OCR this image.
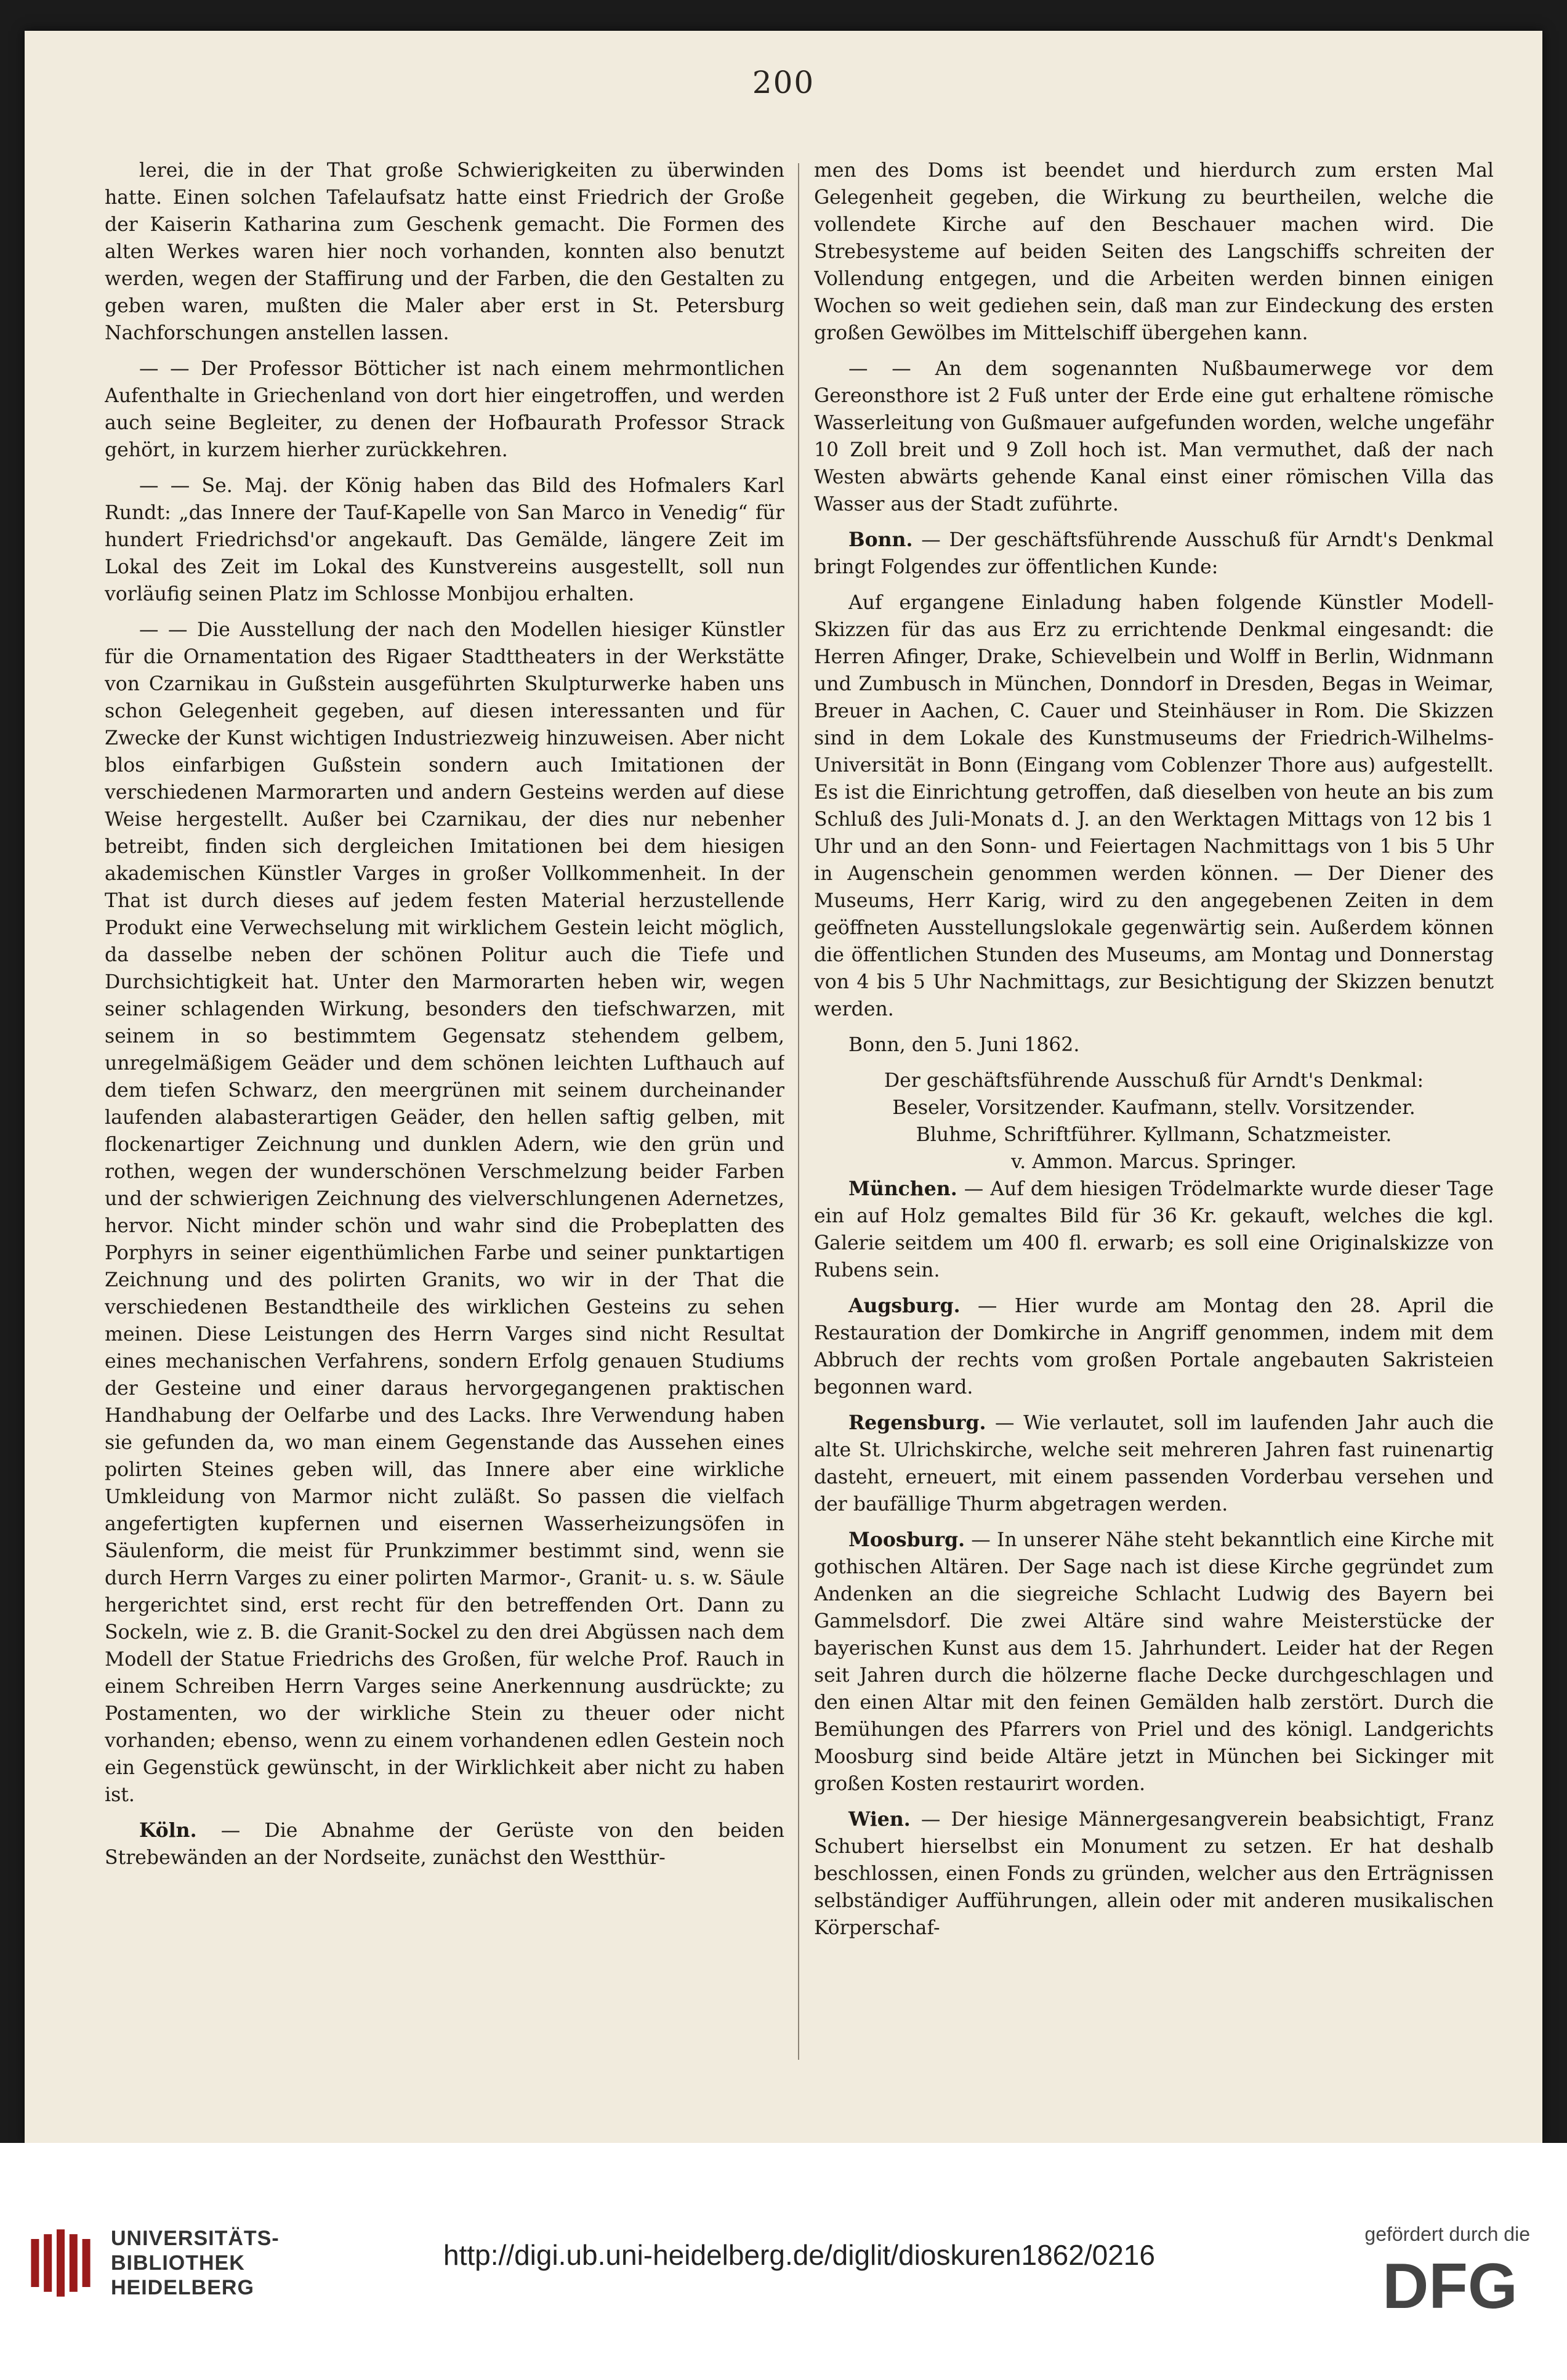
200

lerei, die in der That große Schwierigkeiten zu überwinden hatte. Einen solchen Tafelaufsatz hatte einst Friedrich der Große der Kaiserin Katharina zum Geschenk gemacht. Die Formen des alten Werkes waren hier noch vorhanden, konnten also benutzt werden, wegen der Staffirung und der Farben, die den Gestalten zu geben waren, mußten die Maler aber erst in St. Petersburg Nachforschungen anstellen lassen.

— — Der Professor Bötticher ist nach einem mehrmontlichen Aufenthalte in Griechenland von dort hier eingetroffen, und werden auch seine Begleiter, zu denen der Hofbaurath Professor Strack gehört, in kurzem hierher zurückkehren.

— — Se. Maj. der König haben das Bild des Hofmalers Karl Rundt: „das Innere der Tauf-Kapelle von San Marco in Venedig“ für hundert Friedrichsd'or angekauft. Das Gemälde, längere Zeit im Lokal des Zeit im Lokal des Kunstvereins ausgestellt, soll nun vorläufig seinen Platz im Schlosse Monbijou erhalten.

— — Die Ausstellung der nach den Modellen hiesiger Künstler für die Ornamentation des Rigaer Stadttheaters in der Werkstätte von Czarnikau in Gußstein ausgeführten Skulpturwerke haben uns schon Gelegenheit gegeben, auf diesen interessanten und für Zwecke der Kunst wichtigen Industriezweig hinzuweisen. Aber nicht blos einfarbigen Gußstein sondern auch Imitationen der verschiedenen Marmorarten und andern Gesteins werden auf diese Weise hergestellt. Außer bei Czarnikau, der dies nur nebenher betreibt, finden sich dergleichen Imitationen bei dem hiesigen akademischen Künstler Varges in großer Vollkommenheit. In der That ist durch dieses auf jedem festen Material herzustellende Produkt eine Verwechselung mit wirklichem Gestein leicht möglich, da dasselbe neben der schönen Politur auch die Tiefe und Durchsichtigkeit hat. Unter den Marmorarten heben wir, wegen seiner schlagenden Wirkung, besonders den tiefschwarzen, mit seinem in so bestimmtem Gegensatz stehendem gelbem, unregelmäßigem Geäder und dem schönen leichten Lufthauch auf dem tiefen Schwarz, den meergrünen mit seinem durcheinander laufenden alabasterartigen Geäder, den hellen saftig gelben, mit flockenartiger Zeichnung und dunklen Adern, wie den grün und rothen, wegen der wunderschönen Verschmelzung beider Farben und der schwierigen Zeichnung des vielverschlungenen Adernetzes, hervor. Nicht minder schön und wahr sind die Probeplatten des Porphyrs in seiner eigenthümlichen Farbe und seiner punktartigen Zeichnung und des polirten Granits, wo wir in der That die verschiedenen Bestandtheile des wirklichen Gesteins zu sehen meinen. Diese Leistungen des Herrn Varges sind nicht Resultat eines mechanischen Verfahrens, sondern Erfolg genauen Studiums der Gesteine und einer daraus hervorgegangenen praktischen Handhabung der Oelfarbe und des Lacks. Ihre Verwendung haben sie gefunden da, wo man einem Gegenstande das Aussehen eines polirten Steines geben will, das Innere aber eine wirkliche Umkleidung von Marmor nicht zuläßt. So passen die vielfach angefertigten kupfernen und eisernen Wasserheizungsöfen in Säulenform, die meist für Prunkzimmer bestimmt sind, wenn sie durch Herrn Varges zu einer polirten Marmor-, Granit- u. s. w. Säule hergerichtet sind, erst recht für den betreffenden Ort. Dann zu Sockeln, wie z. B. die Granit-Sockel zu den drei Abgüssen nach dem Modell der Statue Friedrichs des Großen, für welche Prof. Rauch in einem Schreiben Herrn Varges seine Anerkennung ausdrückte; zu Postamenten, wo der wirkliche Stein zu theuer oder nicht vorhanden; ebenso, wenn zu einem vorhandenen edlen Gestein noch ein Gegenstück gewünscht, in der Wirklichkeit aber nicht zu haben ist.

Köln. — Die Abnahme der Gerüste von den beiden Strebewänden an der Nordseite, zunächst den Westthür-

men des Doms ist beendet und hierdurch zum ersten Mal Gelegenheit gegeben, die Wirkung zu beurtheilen, welche die vollendete Kirche auf den Beschauer machen wird. Die Strebesysteme auf beiden Seiten des Langschiffs schreiten der Vollendung entgegen, und die Arbeiten werden binnen einigen Wochen so weit gediehen sein, daß man zur Eindeckung des ersten großen Gewölbes im Mittelschiff übergehen kann.

— — An dem sogenannten Nußbaumerwege vor dem Gereonsthore ist 2 Fuß unter der Erde eine gut erhaltene römische Wasserleitung von Gußmauer aufgefunden worden, welche ungefähr 10 Zoll breit und 9 Zoll hoch ist. Man vermuthet, daß der nach Westen abwärts gehende Kanal einst einer römischen Villa das Wasser aus der Stadt zuführte.

Bonn. — Der geschäftsführende Ausschuß für Arndt's Denkmal bringt Folgendes zur öffentlichen Kunde:

Auf ergangene Einladung haben folgende Künstler Modell-Skizzen für das aus Erz zu errichtende Denkmal eingesandt: die Herren Afinger, Drake, Schievelbein und Wolff in Berlin, Widnmann und Zumbusch in München, Donndorf in Dresden, Begas in Weimar, Breuer in Aachen, C. Cauer und Steinhäuser in Rom. Die Skizzen sind in dem Lokale des Kunstmuseums der Friedrich-Wilhelms-Universität in Bonn (Eingang vom Coblenzer Thore aus) aufgestellt. Es ist die Einrichtung getroffen, daß dieselben von heute an bis zum Schluß des Juli-Monats d. J. an den Werktagen Mittags von 12 bis 1 Uhr und an den Sonn- und Feiertagen Nachmittags von 1 bis 5 Uhr in Augenschein genommen werden können. — Der Diener des Museums, Herr Karig, wird zu den angegebenen Zeiten in dem geöffneten Ausstellungslokale gegenwärtig sein. Außerdem können die öffentlichen Stunden des Museums, am Montag und Donnerstag von 4 bis 5 Uhr Nachmittags, zur Besichtigung der Skizzen benutzt werden.

Bonn, den 5. Juni 1862.

Der geschäftsführende Ausschuß für Arndt's Denkmal:

Beseler, Vorsitzender. Kaufmann, stellv. Vorsitzender.

Bluhme, Schriftführer. Kyllmann, Schatzmeister.

v. Ammon. Marcus. Springer.

München. — Auf dem hiesigen Trödelmarkte wurde dieser Tage ein auf Holz gemaltes Bild für 36 Kr. gekauft, welches die kgl. Galerie seitdem um 400 fl. erwarb; es soll eine Originalskizze von Rubens sein.

Augsburg. — Hier wurde am Montag den 28. April die Restauration der Domkirche in Angriff genommen, indem mit dem Abbruch der rechts vom großen Portale angebauten Sakristeien begonnen ward.

Regensburg. — Wie verlautet, soll im laufenden Jahr auch die alte St. Ulrichskirche, welche seit mehreren Jahren fast ruinenartig dasteht, erneuert, mit einem passenden Vorderbau versehen und der baufällige Thurm abgetragen werden.

Moosburg. — In unserer Nähe steht bekanntlich eine Kirche mit gothischen Altären. Der Sage nach ist diese Kirche gegründet zum Andenken an die siegreiche Schlacht Ludwig des Bayern bei Gammelsdorf. Die zwei Altäre sind wahre Meisterstücke der bayerischen Kunst aus dem 15. Jahrhundert. Leider hat der Regen seit Jahren durch die hölzerne flache Decke durchgeschlagen und den einen Altar mit den feinen Gemälden halb zerstört. Durch die Bemühungen des Pfarrers von Priel und des königl. Landgerichts Moosburg sind beide Altäre jetzt in München bei Sickinger mit großen Kosten restaurirt worden.

Wien. — Der hiesige Männergesangverein beabsichtigt, Franz Schubert hierselbst ein Monument zu setzen. Er hat deshalb beschlossen, einen Fonds zu gründen, welcher aus den Erträgnissen selbständiger Aufführungen, allein oder mit anderen musikalischen Körperschaf-

UNIVERSITÄTS-
BIBLIOTHEK
HEIDELBERG
http://digi.ub.uni-heidelberg.de/diglit/dioskuren1862/0216
gefördert durch die
DFG
